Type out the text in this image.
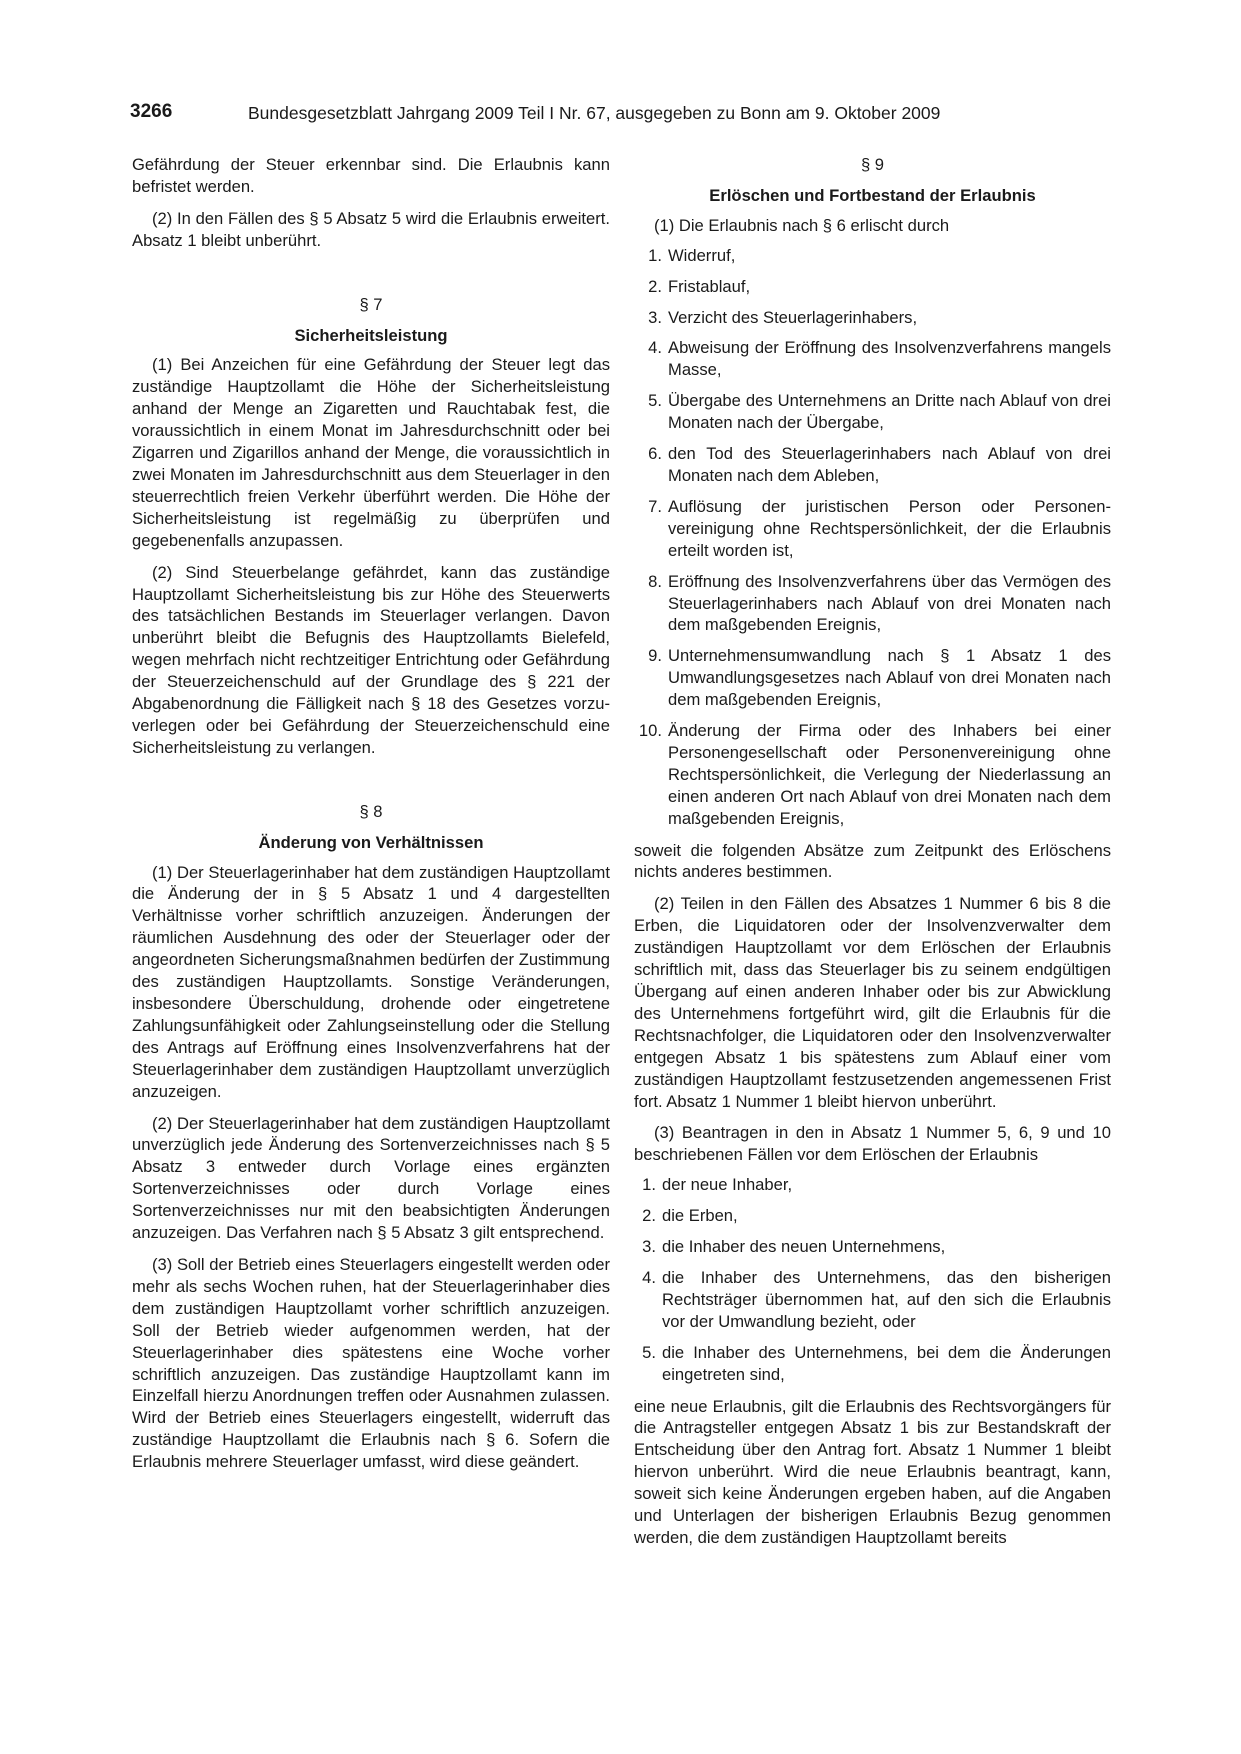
3266	Bundesgesetzblatt Jahrgang 2009 Teil I Nr. 67, ausgegeben zu Bonn am 9. Oktober 2009

Gefährdung der Steuer erkennbar sind. Die Erlaubnis kann befristet werden.

(2) In den Fällen des § 5 Absatz 5 wird die Erlaubnis erweitert. Absatz 1 bleibt unberührt.

§ 7
Sicherheitsleistung

(1) Bei Anzeichen für eine Gefährdung der Steuer legt das zuständige Hauptzollamt die Höhe der Sicherheitsleistung anhand der Menge an Zigaretten und Rauchtabak fest, die voraussichtlich in einem Monat im Jahresdurchschnitt oder bei Zigarren und Zigarillos anhand der Menge, die voraussichtlich in zwei Monaten im Jahresdurchschnitt aus dem Steuerlager in den steuerrechtlich freien Verkehr überführt werden. Die Höhe der Sicherheitsleistung ist regelmäßig zu überprüfen und gegebenenfalls anzupassen.

(2) Sind Steuerbelange gefährdet, kann das zuständige Hauptzollamt Sicherheitsleistung bis zur Höhe des Steuerwerts des tatsächlichen Bestands im Steuerlager verlangen. Davon unberührt bleibt die Befugnis des Hauptzollamts Bielefeld, wegen mehrfach nicht rechtzeitiger Entrichtung oder Gefährdung der Steuerzeichenschuld auf der Grundlage des § 221 der Abgabenordnung die Fälligkeit nach § 18 des Gesetzes vorzuverlegen oder bei Gefährdung der Steuerzeichenschuld eine Sicherheitsleistung zu verlangen.

§ 8
Änderung von Verhältnissen

(1) Der Steuerlagerinhaber hat dem zuständigen Hauptzollamt die Änderung der in § 5 Absatz 1 und 4 dargestellten Verhältnisse vorher schriftlich anzuzeigen. Änderungen der räumlichen Ausdehnung des oder der Steuerlager oder der angeordneten Sicherungsmaßnahmen bedürfen der Zustimmung des zuständigen Hauptzollamts. Sonstige Veränderungen, insbesondere Überschuldung, drohende oder eingetretene Zahlungsunfähigkeit oder Zahlungseinstellung oder die Stellung des Antrags auf Eröffnung eines Insolvenzverfahrens hat der Steuerlagerinhaber dem zuständigen Hauptzollamt unverzüglich anzuzeigen.

(2) Der Steuerlagerinhaber hat dem zuständigen Hauptzollamt unverzüglich jede Änderung des Sortenverzeichnisses nach § 5 Absatz 3 entweder durch Vorlage eines ergänzten Sortenverzeichnisses oder durch Vorlage eines Sortenverzeichnisses nur mit den beabsichtigten Änderungen anzuzeigen. Das Verfahren nach § 5 Absatz 3 gilt entsprechend.

(3) Soll der Betrieb eines Steuerlagers eingestellt werden oder mehr als sechs Wochen ruhen, hat der Steuerlagerinhaber dies dem zuständigen Hauptzollamt vorher schriftlich anzuzeigen. Soll der Betrieb wieder aufgenommen werden, hat der Steuerlagerinhaber dies spätestens eine Woche vorher schriftlich anzuzeigen. Das zuständige Hauptzollamt kann im Einzelfall hierzu Anordnungen treffen oder Ausnahmen zulassen. Wird der Betrieb eines Steuerlagers eingestellt, widerruft das zuständige Hauptzollamt die Erlaubnis nach § 6. Sofern die Erlaubnis mehrere Steuerlager umfasst, wird diese geändert.

§ 9
Erlöschen und Fortbestand der Erlaubnis

(1) Die Erlaubnis nach § 6 erlischt durch

1. Widerruf,
2. Fristablauf,
3. Verzicht des Steuerlagerinhabers,
4. Abweisung der Eröffnung des Insolvenzverfahrens mangels Masse,
5. Übergabe des Unternehmens an Dritte nach Ablauf von drei Monaten nach der Übergabe,
6. den Tod des Steuerlagerinhabers nach Ablauf von drei Monaten nach dem Ableben,
7. Auflösung der juristischen Person oder Personenvereinigung ohne Rechtspersönlichkeit, der die Erlaubnis erteilt worden ist,
8. Eröffnung des Insolvenzverfahrens über das Vermögen des Steuerlagerinhabers nach Ablauf von drei Monaten nach dem maßgebenden Ereignis,
9. Unternehmensumwandlung nach § 1 Absatz 1 des Umwandlungsgesetzes nach Ablauf von drei Monaten nach dem maßgebenden Ereignis,
10. Änderung der Firma oder des Inhabers bei einer Personengesellschaft oder Personenvereinigung ohne Rechtspersönlichkeit, die Verlegung der Niederlassung an einen anderen Ort nach Ablauf von drei Monaten nach dem maßgebenden Ereignis,

soweit die folgenden Absätze zum Zeitpunkt des Erlöschens nichts anderes bestimmen.

(2) Teilen in den Fällen des Absatzes 1 Nummer 6 bis 8 die Erben, die Liquidatoren oder der Insolvenzverwalter dem zuständigen Hauptzollamt vor dem Erlöschen der Erlaubnis schriftlich mit, dass das Steuerlager bis zu seinem endgültigen Übergang auf einen anderen Inhaber oder bis zur Abwicklung des Unternehmens fortgeführt wird, gilt die Erlaubnis für die Rechtsnachfolger, die Liquidatoren oder den Insolvenzverwalter entgegen Absatz 1 bis spätestens zum Ablauf einer vom zuständigen Hauptzollamt festzusetzenden angemessenen Frist fort. Absatz 1 Nummer 1 bleibt hiervon unberührt.

(3) Beantragen in den in Absatz 1 Nummer 5, 6, 9 und 10 beschriebenen Fällen vor dem Erlöschen der Erlaubnis

1. der neue Inhaber,
2. die Erben,
3. die Inhaber des neuen Unternehmens,
4. die Inhaber des Unternehmens, das den bisherigen Rechtsträger übernommen hat, auf den sich die Erlaubnis vor der Umwandlung bezieht, oder
5. die Inhaber des Unternehmens, bei dem die Änderungen eingetreten sind,

eine neue Erlaubnis, gilt die Erlaubnis des Rechtsvorgängers für die Antragsteller entgegen Absatz 1 bis zur Bestandskraft der Entscheidung über den Antrag fort. Absatz 1 Nummer 1 bleibt hiervon unberührt. Wird die neue Erlaubnis beantragt, kann, soweit sich keine Änderungen ergeben haben, auf die Angaben und Unterlagen der bisherigen Erlaubnis Bezug genommen werden, die dem zuständigen Hauptzollamt bereits
